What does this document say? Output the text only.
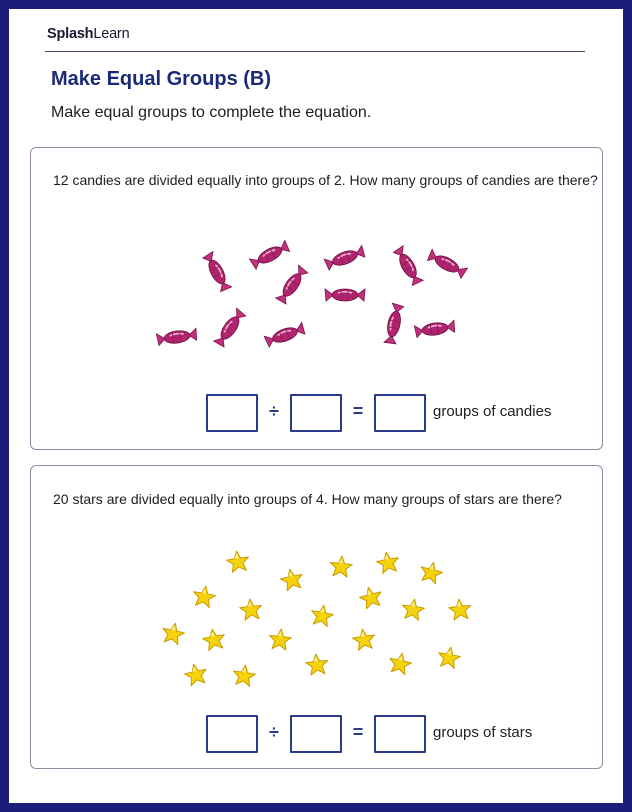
SplashLearn
Make Equal Groups (B)
Make equal groups to complete the equation.
12 candies are divided equally into groups of 2. How many groups of candies are there?
÷	=	groups of candies
20 stars are divided equally into groups of 4. How many groups of stars are there?
÷	=	groups of stars
